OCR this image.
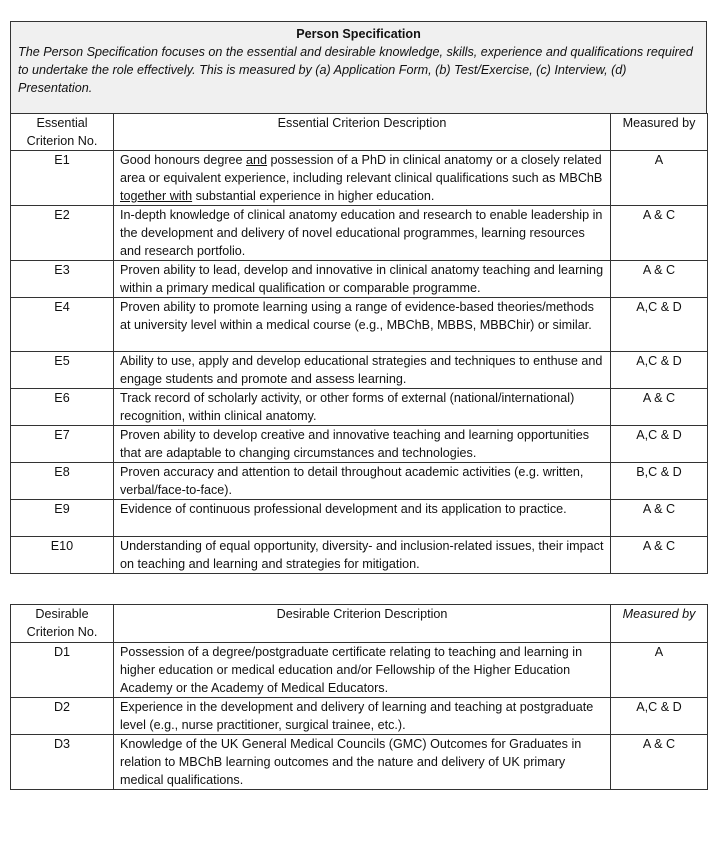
Person Specification
The Person Specification focuses on the essential and desirable knowledge, skills, experience and qualifications required to undertake the role effectively. This is measured by (a) Application Form, (b) Test/Exercise, (c) Interview, (d) Presentation.
Essential Criterion No.	Essential Criterion Description	Measured by
E1	Good honours degree and possession of a PhD in clinical anatomy or a closely related area or equivalent experience, including relevant clinical qualifications such as MBChB together with substantial experience in higher education.	A
E2	In-depth knowledge of clinical anatomy education and research to enable leadership in the development and delivery of novel educational programmes, learning resources and research portfolio.	A & C
E3	Proven ability to lead, develop and innovative in clinical anatomy teaching and learning within a primary medical qualification or comparable programme.	A & C
E4	Proven ability to promote learning using a range of evidence-based theories/methods at university level within a medical course (e.g., MBChB, MBBS, MBBChir) or similar.	A,C & D
E5	Ability to use, apply and develop educational strategies and techniques to enthuse and engage students and promote and assess learning.	A,C & D
E6	Track record of scholarly activity, or other forms of external (national/international) recognition, within clinical anatomy.	A & C
E7	Proven ability to develop creative and innovative teaching and learning opportunities that are adaptable to changing circumstances and technologies.	A,C & D
E8	Proven accuracy and attention to detail throughout academic activities (e.g. written, verbal/face-to-face).	B,C & D
E9	Evidence of continuous professional development and its application to practice.	A & C
E10	Understanding of equal opportunity, diversity- and inclusion-related issues, their impact on teaching and learning and strategies for mitigation.	A & C
Desirable Criterion No.	Desirable Criterion Description	Measured by
D1	Possession of a degree/postgraduate certificate relating to teaching and learning in higher education or medical education and/or Fellowship of the Higher Education Academy or the Academy of Medical Educators.	A
D2	Experience in the development and delivery of learning and teaching at postgraduate level (e.g., nurse practitioner, surgical trainee, etc.).	A,C & D
D3	Knowledge of the UK General Medical Councils (GMC) Outcomes for Graduates in relation to MBChB learning outcomes and the nature and delivery of UK primary medical qualifications.	A & C
